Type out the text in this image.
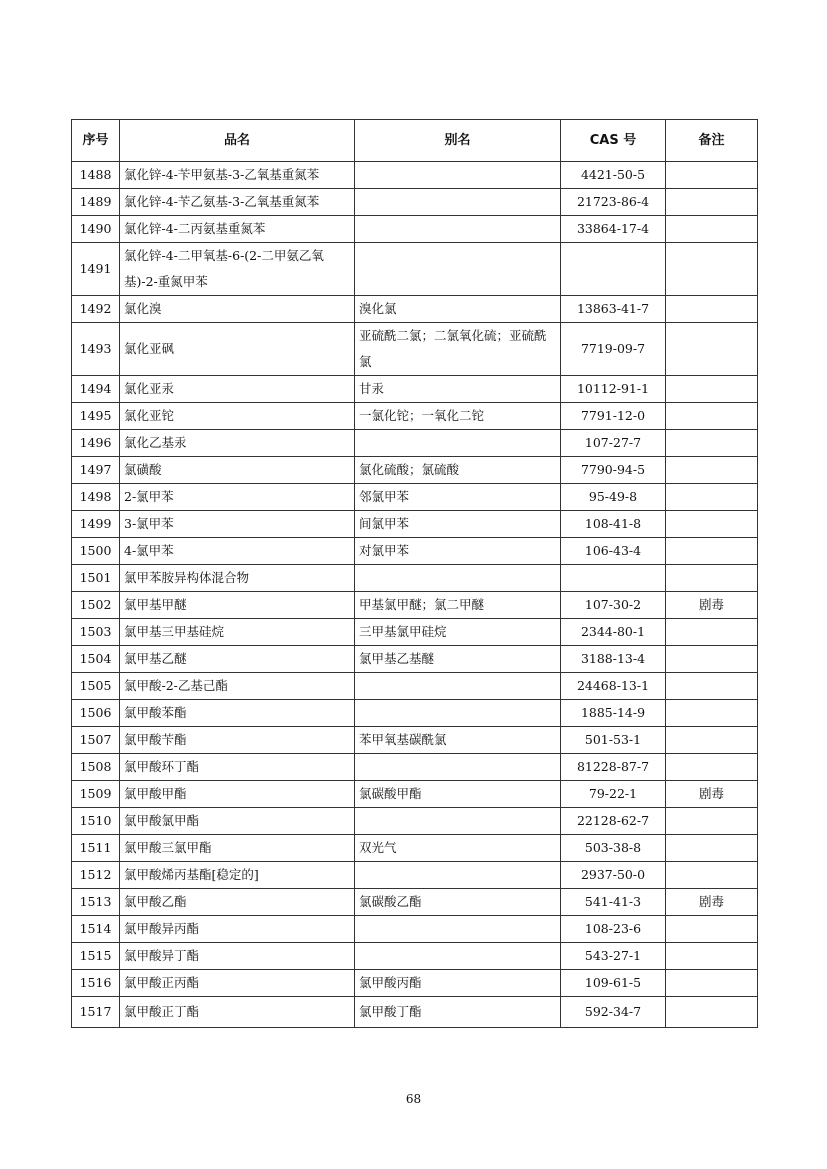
序号	品名	别名	CAS 号	备注
1488	氯化锌-4-苄甲氨基-3-乙氧基重氮苯		4421-50-5	
1489	氯化锌-4-苄乙氨基-3-乙氧基重氮苯		21723-86-4	
1490	氯化锌-4-二丙氨基重氮苯		33864-17-4	
1491	氯化锌-4-二甲氧基-6-(2-二甲氨乙氧基)-2-重氮甲苯			
1492	氯化溴	溴化氯	13863-41-7	
1493	氯化亚砜	亚硫酰二氯；二氯氧化硫；亚硫酰氯	7719-09-7	
1494	氯化亚汞	甘汞	10112-91-1	
1495	氯化亚铊	一氯化铊；一氧化二铊	7791-12-0	
1496	氯化乙基汞		107-27-7	
1497	氯磺酸	氯化硫酸；氯硫酸	7790-94-5	
1498	2-氯甲苯	邻氯甲苯	95-49-8	
1499	3-氯甲苯	间氯甲苯	108-41-8	
1500	4-氯甲苯	对氯甲苯	106-43-4	
1501	氯甲苯胺异构体混合物			
1502	氯甲基甲醚	甲基氯甲醚；氯二甲醚	107-30-2	剧毒
1503	氯甲基三甲基硅烷	三甲基氯甲硅烷	2344-80-1	
1504	氯甲基乙醚	氯甲基乙基醚	3188-13-4	
1505	氯甲酸-2-乙基己酯		24468-13-1	
1506	氯甲酸苯酯		1885-14-9	
1507	氯甲酸苄酯	苯甲氧基碳酰氯	501-53-1	
1508	氯甲酸环丁酯		81228-87-7	
1509	氯甲酸甲酯	氯碳酸甲酯	79-22-1	剧毒
1510	氯甲酸氯甲酯		22128-62-7	
1511	氯甲酸三氯甲酯	双光气	503-38-8	
1512	氯甲酸烯丙基酯[稳定的]		2937-50-0	
1513	氯甲酸乙酯	氯碳酸乙酯	541-41-3	剧毒
1514	氯甲酸异丙酯		108-23-6	
1515	氯甲酸异丁酯		543-27-1	
1516	氯甲酸正丙酯	氯甲酸丙酯	109-61-5	
1517	氯甲酸正丁酯	氯甲酸丁酯	592-34-7	
68
